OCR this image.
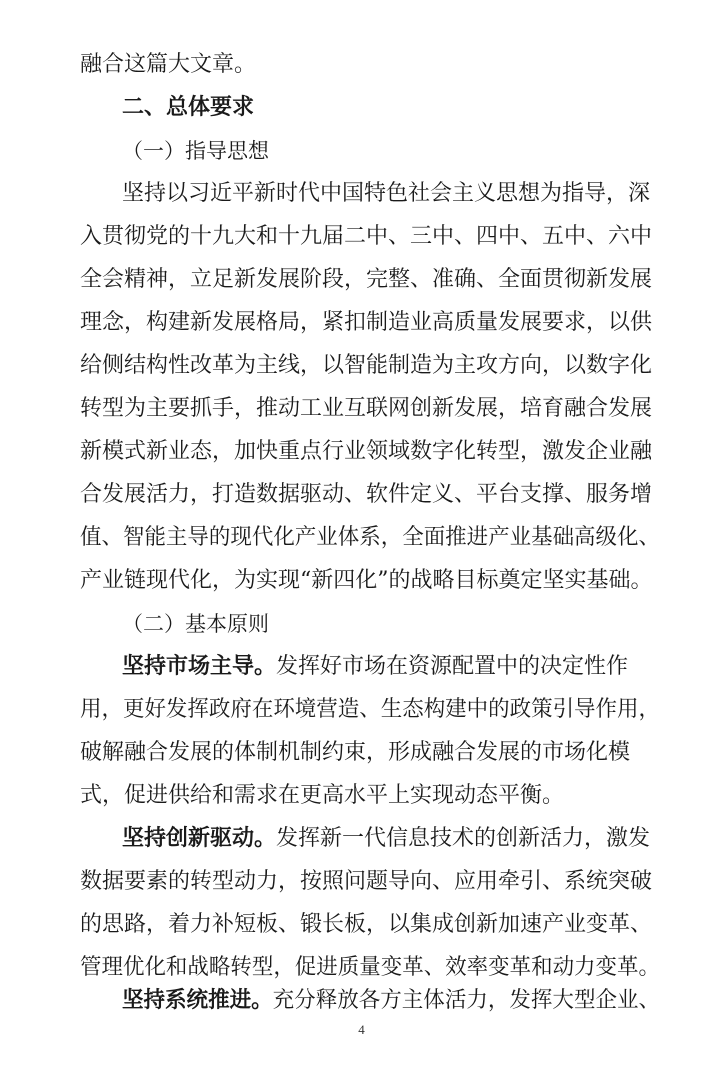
融合这篇大文章。
二、总体要求
（一）指导思想
坚持以习近平新时代中国特色社会主义思想为指导，深
入贯彻党的十九大和十九届二中、三中、四中、五中、六中
全会精神，立足新发展阶段，完整、准确、全面贯彻新发展
理念，构建新发展格局，紧扣制造业高质量发展要求，以供
给侧结构性改革为主线，以智能制造为主攻方向，以数字化
转型为主要抓手，推动工业互联网创新发展，培育融合发展
新模式新业态，加快重点行业领域数字化转型，激发企业融
合发展活力，打造数据驱动、软件定义、平台支撑、服务增
值、智能主导的现代化产业体系，全面推进产业基础高级化、
产业链现代化，为实现“新四化”的战略目标奠定坚实基础。
（二）基本原则
坚持市场主导。发挥好市场在资源配置中的决定性作
用，更好发挥政府在环境营造、生态构建中的政策引导作用，
破解融合发展的体制机制约束，形成融合发展的市场化模
式，促进供给和需求在更高水平上实现动态平衡。
坚持创新驱动。发挥新一代信息技术的创新活力，激发
数据要素的转型动力，按照问题导向、应用牵引、系统突破
的思路，着力补短板、锻长板，以集成创新加速产业变革、
管理优化和战略转型，促进质量变革、效率变革和动力变革。
坚持系统推进。充分释放各方主体活力，发挥大型企业、
4
